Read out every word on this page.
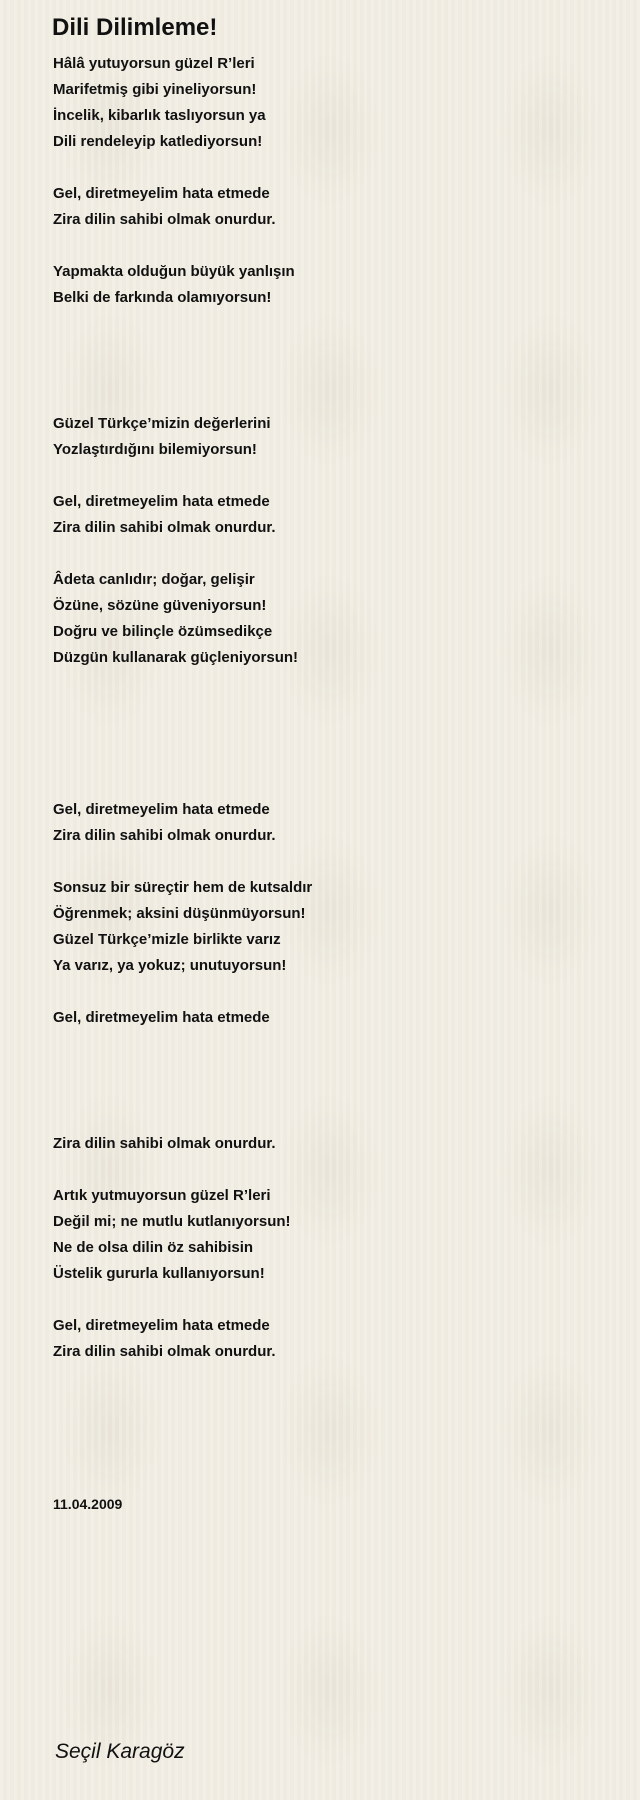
Dili Dilimleme!

Hâlâ yutuyorsun güzel R’leri

Marifetmiş gibi yineliyorsun!

İncelik, kibarlık taslıyorsun ya

Dili rendeleyip katlediyorsun!

Gel, diretmeyelim hata etmede

Zira dilin sahibi olmak onurdur.

Yapmakta olduğun büyük yanlışın

Belki de farkında olamıyorsun!

Güzel Türkçe’mizin değerlerini

Yozlaştırdığını bilemiyorsun!

Gel, diretmeyelim hata etmede

Zira dilin sahibi olmak onurdur.

Âdeta canlıdır; doğar, gelişir

Özüne, sözüne güveniyorsun!

Doğru ve bilinçle özümsedikçe

Düzgün kullanarak güçleniyorsun!

Gel, diretmeyelim hata etmede

Zira dilin sahibi olmak onurdur.

Sonsuz bir süreçtir hem de kutsaldır

Öğrenmek; aksini düşünmüyorsun!

Güzel Türkçe’mizle birlikte varız

Ya varız, ya yokuz; unutuyorsun!

Gel, diretmeyelim hata etmede

Zira dilin sahibi olmak onurdur.

Artık yutmuyorsun güzel R’leri

Değil mi; ne mutlu kutlanıyorsun!

Ne de olsa dilin öz sahibisin

Üstelik gururla kullanıyorsun!

Gel, diretmeyelim hata etmede

Zira dilin sahibi olmak onurdur.

11.04.2009

Seçil Karagöz
